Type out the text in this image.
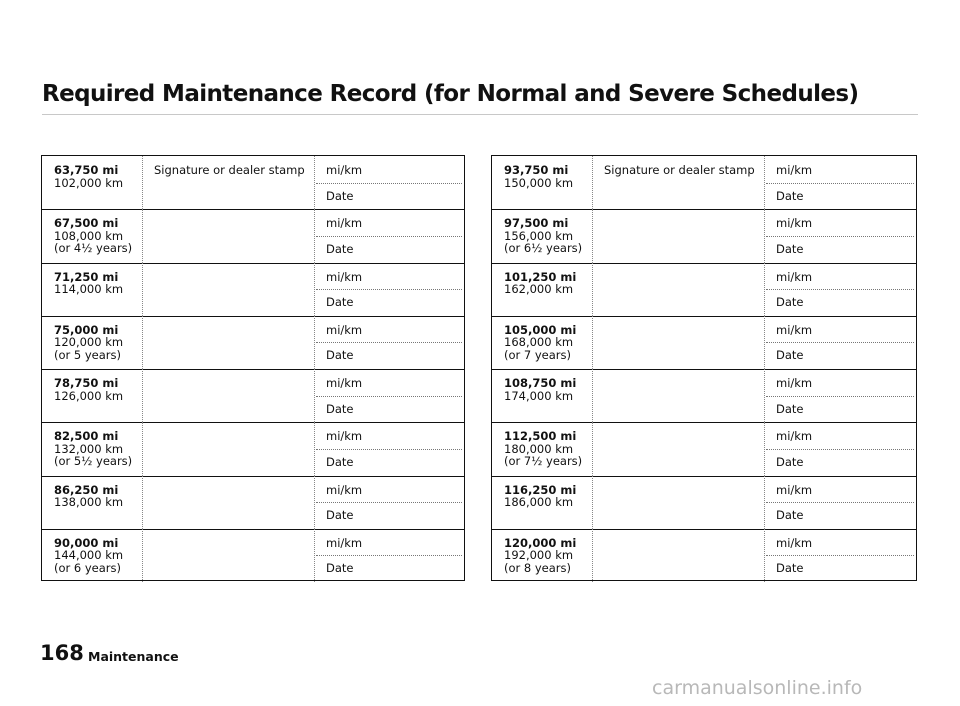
Required Maintenance Record (for Normal and Severe Schedules)
63,750 mi
102,000 km
Signature or dealer stamp mi/km
Date
67,500 mi
108,000 km
(or 4½ years)
mi/km
Date
71,250 mi
114,000 km
mi/km
Date
75,000 mi
120,000 km
(or 5 years)
mi/km
Date
78,750 mi
126,000 km
mi/km
Date
82,500 mi
132,000 km
(or 5½ years)
mi/km
Date
86,250 mi
138,000 km
mi/km
Date
90,000 mi
144,000 km
(or 6 years)
mi/km
Date
93,750 mi
150,000 km
Signature or dealer stamp mi/km
Date
97,500 mi
156,000 km
(or 6½ years)
mi/km
Date
101,250 mi
162,000 km
mi/km
Date
105,000 mi
168,000 km
(or 7 years)
mi/km
Date
108,750 mi
174,000 km
mi/km
Date
112,500 mi
180,000 km
(or 7½ years)
mi/km
Date
116,250 mi
186,000 km
mi/km
Date
120,000 mi
192,000 km
(or 8 years)
mi/km
Date
168 Maintenance
carmanualsonline.info
